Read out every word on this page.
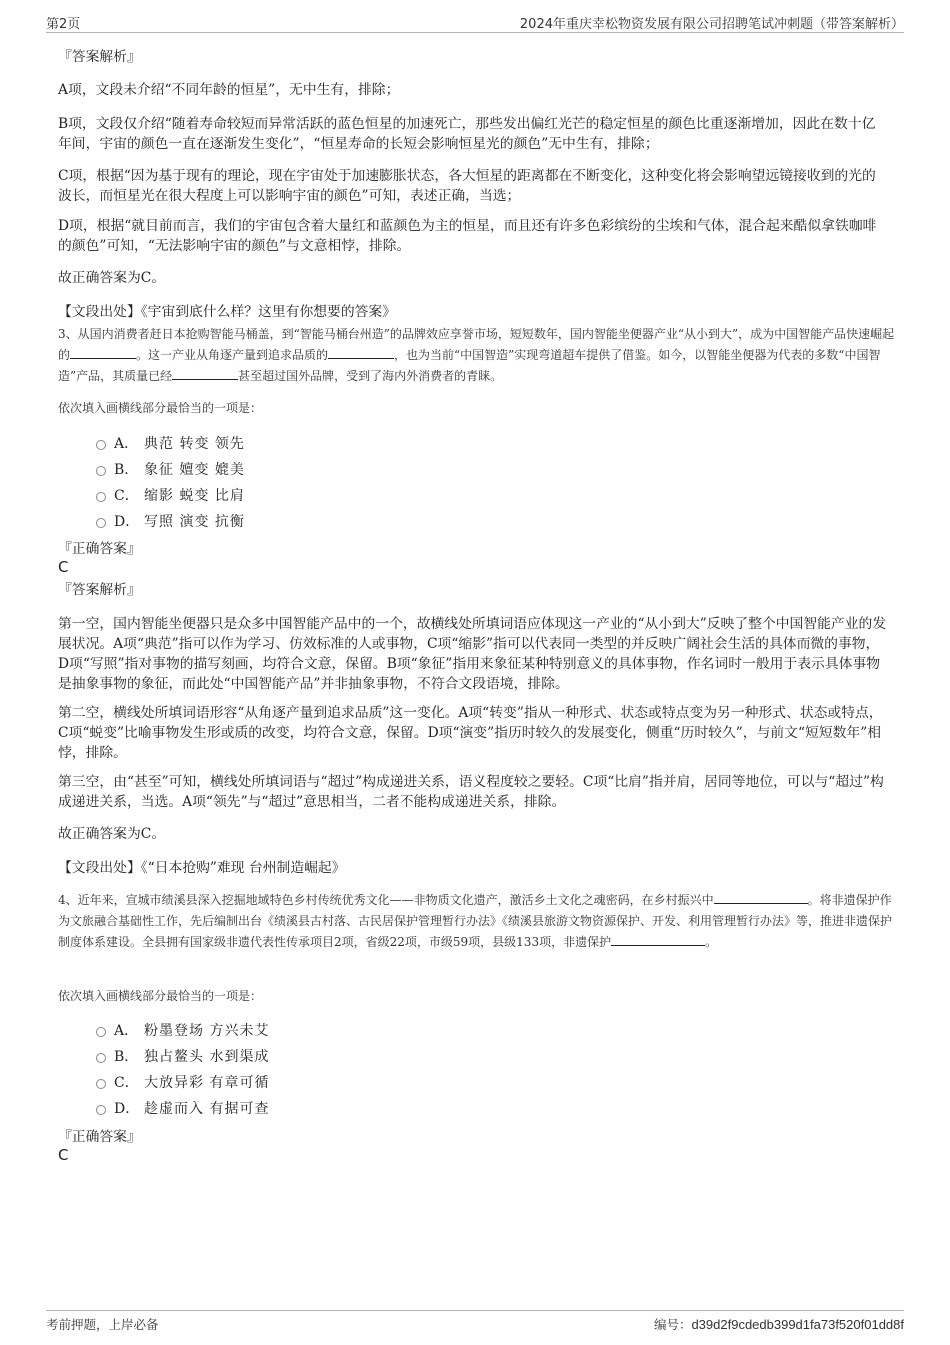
第2页	2024年重庆幸松物资发展有限公司招聘笔试冲刺题（带答案解析）
『答案解析』
A项，文段未介绍“不同年龄的恒星”，无中生有，排除；
B项，文段仅介绍“随着寿命较短而异常活跃的蓝色恒星的加速死亡，那些发出偏红光芒的稳定恒星的颜色比重逐渐增加，因此在数十亿年间，宇宙的颜色一直在逐渐发生变化”，“恒星寿命的长短会影响恒星光的颜色”无中生有，排除；
C项，根据“因为基于现有的理论，现在宇宙处于加速膨胀状态，各大恒星的距离都在不断变化，这种变化将会影响望远镜接收到的光的波长，而恒星光在很大程度上可以影响宇宙的颜色”可知，表述正确，当选；
D项，根据“就目前而言，我们的宇宙包含着大量红和蓝颜色为主的恒星，而且还有许多色彩缤纷的尘埃和气体，混合起来酷似拿铁咖啡的颜色”可知，“无法影响宇宙的颜色”与文意相悖，排除。
故正确答案为C。
【文段出处】《宇宙到底什么样？这里有你想要的答案》
3、从国内消费者赶日本抢购智能马桶盖，到“智能马桶台州造”的品牌效应享誉市场，短短数年，国内智能坐便器产业“从小到大”，成为中国智能产品快速崛起的	。这一产业从角逐产量到追求品质的	，也为当前“中国智造”实现弯道超车提供了借鉴。如今，以智能坐便器为代表的多数“中国智造”产品，其质量已经	甚至超过国外品牌，受到了海内外消费者的青睐。
依次填入画横线部分最恰当的一项是：
A． 典范 转变 领先
B． 象征 嬗变 媲美
C． 缩影 蜕变 比肩
D． 写照 演变 抗衡
『正确答案』
C
『答案解析』
第一空，国内智能坐便器只是众多中国智能产品中的一个，故横线处所填词语应体现这一产业的“从小到大”反映了整个中国智能产业的发展状况。A项“典范”指可以作为学习、仿效标准的人或事物，C项“缩影”指可以代表同一类型的并反映广阔社会生活的具体而微的事物，D项“写照”指对事物的描写刻画，均符合文意，保留。B项“象征”指用来象征某种特别意义的具体事物，作名词时一般用于表示具体事物是抽象事物的象征，而此处“中国智能产品”并非抽象事物，不符合文段语境，排除。
第二空，横线处所填词语形容“从角逐产量到追求品质”这一变化。A项“转变”指从一种形式、状态或特点变为另一种形式、状态或特点，C项“蜕变”比喻事物发生形或质的改变，均符合文意，保留。D项“演变”指历时较久的发展变化，侧重“历时较久”，与前文“短短数年”相悖，排除。
第三空，由“甚至”可知，横线处所填词语与“超过”构成递进关系，语义程度较之要轻。C项“比肩”指并肩，居同等地位，可以与“超过”构成递进关系，当选。A项“领先”与“超过”意思相当，二者不能构成递进关系，排除。
故正确答案为C。
【文段出处】《“日本抢购”难现 台州制造崛起》
4、近年来，宣城市绩溪县深入挖掘地域特色乡村传统优秀文化——非物质文化遗产，激活乡土文化之魂密码，在乡村振兴中	。将非遗保护作为文旅融合基础性工作，先后编制出台《绩溪县古村落、古民居保护管理暂行办法》《绩溪县旅游文物资源保护、开发、利用管理暂行办法》等，推进非遗保护制度体系建设。全县拥有国家级非遗代表性传承项目2项，省级22项，市级59项，县级133项，非遗保护	。
依次填入画横线部分最恰当的一项是：
A． 粉墨登场 方兴未艾
B． 独占鳌头 水到渠成
C． 大放异彩 有章可循
D． 趁虚而入 有据可查
『正确答案』
C
考前押题，上岸必备	编号：d39d2f9cdedb399d1fa73f520f01dd8f
